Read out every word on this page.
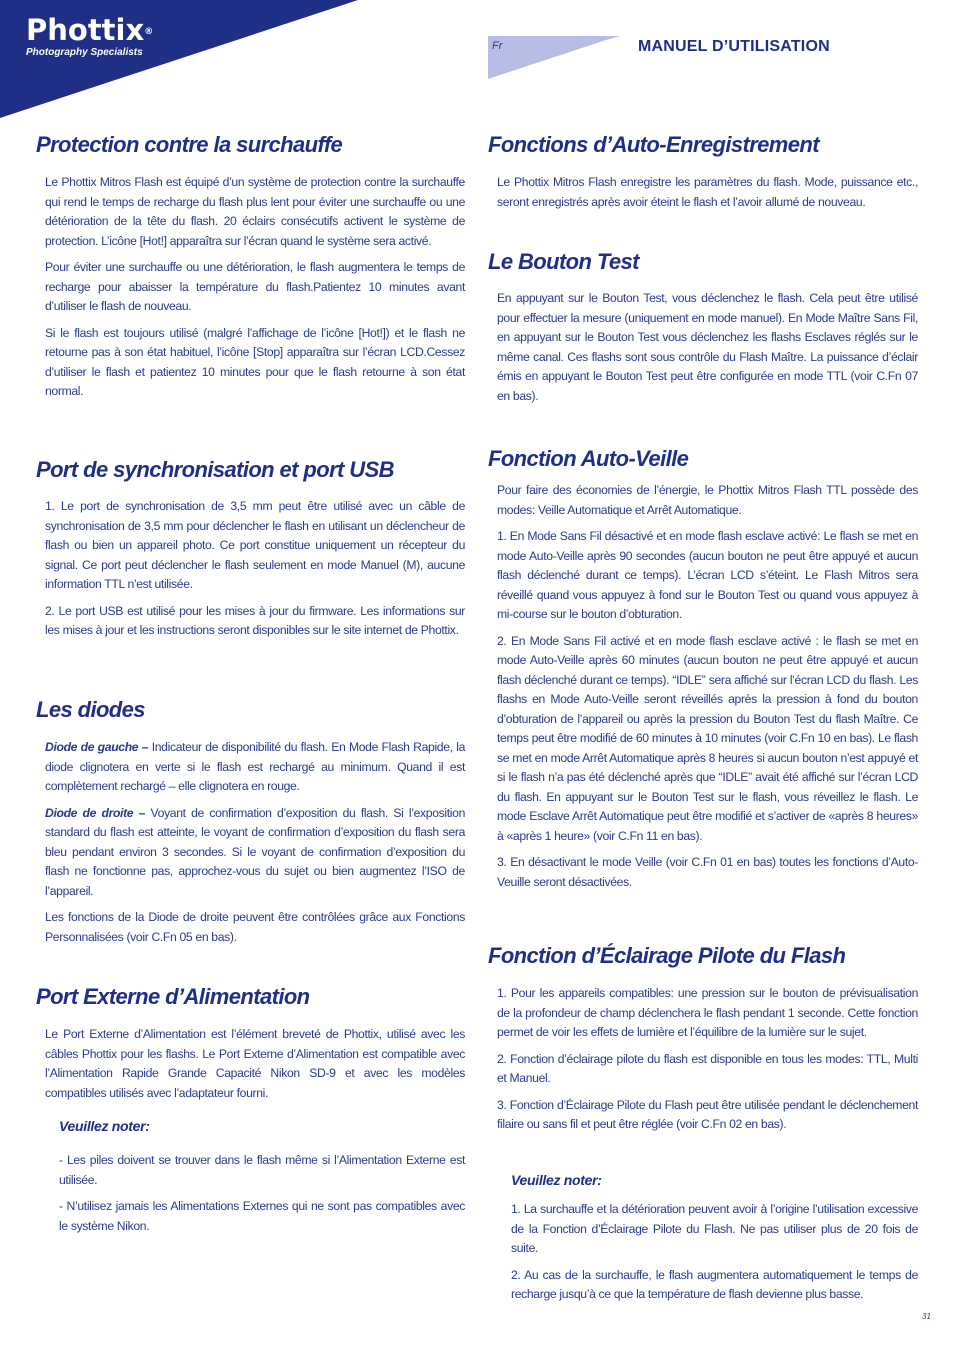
Phottix®
Photography Specialists
Fr	MANUEL D’UTILISATION
Protection contre la surchauffe

Le Phottix Mitros Flash est équipé d’un système de protection contre la surchauffe qui rend le temps de recharge du flash plus lent pour éviter une surchauffe ou une détérioration de la tête du flash. 20 éclairs consécutifs activent le système de protection. L’icône [Hot!] apparaîtra sur l’écran quand le système sera activé.

Pour éviter une surchauffe ou une détérioration, le flash augmentera le temps de recharge pour abaisser la température du flash.Patientez 10 minutes avant d’utiliser le flash de nouveau.

Si le flash est toujours utilisé (malgré l’affichage de l’icône [Hot!]) et le flash ne retourne pas à son état habituel, l’icône [Stop] apparaîtra sur l’écran LCD.Cessez d’utiliser le flash et patientez 10 minutes pour que le flash retourne à son état normal.

Port de synchronisation et port USB

1. Le port de synchronisation de 3,5 mm peut être utilisé avec un câble de synchronisation de 3,5 mm pour déclencher le flash en utilisant un déclencheur de flash ou bien un appareil photo. Ce port constitue uniquement un récepteur du signal. Ce port peut déclencher le flash seulement en mode Manuel (M), aucune information TTL n’est utilisée.

2. Le port USB est utilisé pour les mises à jour du firmware. Les informations sur les mises à jour et les instructions seront disponibles sur le site internet de Phottix.

Les diodes

Diode de gauche – Indicateur de disponibilité du flash. En Mode Flash Rapide, la diode clignotera en verte si le flash est rechargé au minimum. Quand il est complètement rechargé – elle clignotera en rouge.

Diode de droite – Voyant de confirmation d’exposition du flash. Si l’exposition standard du flash est atteinte, le voyant de confirmation d’exposition du flash sera bleu pendant environ 3 secondes. Si le voyant de confirmation d’exposition du flash ne fonctionne pas, approchez-vous du sujet ou bien augmentez l’ISO de l’appareil.

Les fonctions de la Diode de droite peuvent être contrôlées grâce aux Fonctions Personnalisées (voir C.Fn 05 en bas).

Port Externe d’Alimentation

Le Port Externe d’Alimentation est l’élément breveté de Phottix, utilisé avec les câbles Phottix pour les flashs. Le Port Externe d’Alimentation est compatible avec l’Alimentation Rapide Grande Capacité Nikon SD-9 et avec les modèles compatibles utilisés avec l’adaptateur fourni.

Veuillez noter:

- Les piles doivent se trouver dans le flash même si l’Alimentation Externe est utilisée.

- N’utilisez jamais les Alimentations Externes qui ne sont pas compatibles avec le système Nikon.

Fonctions d’Auto-Enregistrement

Le Phottix Mitros Flash enregistre les paramètres du flash. Mode, puissance etc., seront enregistrés après avoir éteint le flash et l’avoir allumé de nouveau.

Le Bouton Test

En appuyant sur le Bouton Test, vous déclenchez le flash. Cela peut être utilisé pour effectuer la mesure (uniquement en mode manuel). En Mode Maître Sans Fil, en appuyant sur le Bouton Test vous déclenchez les flashs Esclaves réglés sur le même canal. Ces flashs sont sous contrôle du Flash Maître. La puissance d’éclair émis en appuyant le Bouton Test peut être configurée en mode TTL (voir C.Fn 07 en bas).

Fonction Auto-Veille

Pour faire des économies de l’énergie, le Phottix Mitros Flash TTL possède des modes: Veille Automatique et Arrêt Automatique.

1. En Mode Sans Fil désactivé et en mode flash esclave activé: Le flash se met en mode Auto-Veille après 90 secondes (aucun bouton ne peut être appuyé et aucun flash déclenché durant ce temps). L’écran LCD s’éteint. Le Flash Mitros sera réveillé quand vous appuyez à fond sur le Bouton Test ou quand vous appuyez à mi-course sur le bouton d’obturation.

2. En Mode Sans Fil activé et en mode flash esclave activé : le flash se met en mode Auto-Veille après 60 minutes (aucun bouton ne peut être appuyé et aucun flash déclenché durant ce temps). “IDLE” sera affiché sur l’écran LCD du flash. Les flashs en Mode Auto-Veille seront réveillés après la pression à fond du bouton d’obturation de l’appareil ou après la pression du Bouton Test du flash Maître. Ce temps peut être modifié de 60 minutes à 10 minutes (voir C.Fn 10 en bas). Le flash se met en mode Arrêt Automatique après 8 heures si aucun bouton n’est appuyé et si le flash n’a pas été déclenché après que “IDLE” avait été affiché sur l’écran LCD du flash. En appuyant sur le Bouton Test sur le flash, vous réveillez le flash. Le mode Esclave Arrêt Automatique peut être modifié et s’activer de «après 8 heures» à «après 1 heure» (voir C.Fn 11 en bas).

3. En désactivant le mode Veille (voir C.Fn 01 en bas) toutes les fonctions d’Auto-Veuille seront désactivées.

Fonction d’Éclairage Pilote du Flash

1. Pour les appareils compatibles: une pression sur le bouton de prévisualisation de la profondeur de champ déclenchera le flash pendant 1 seconde. Cette fonction permet de voir les effets de lumière et l’équilibre de la lumière sur le sujet.

2. Fonction d’éclairage pilote du flash est disponible en tous les modes: TTL, Multi et Manuel.

3. Fonction d’Éclairage Pilote du Flash peut être utilisée pendant le déclenchement filaire ou sans fil et peut être réglée (voir C.Fn 02 en bas).

Veuillez noter:

1. La surchauffe et la détérioration peuvent avoir à l’origine l’utilisation excessive de la Fonction d’Éclairage Pilote du Flash. Ne pas utiliser plus de 20 fois de suite.

2. Au cas de la surchauffe, le flash augmentera automatiquement le temps de recharge jusqu’à ce que la température de flash devienne plus basse.

31
